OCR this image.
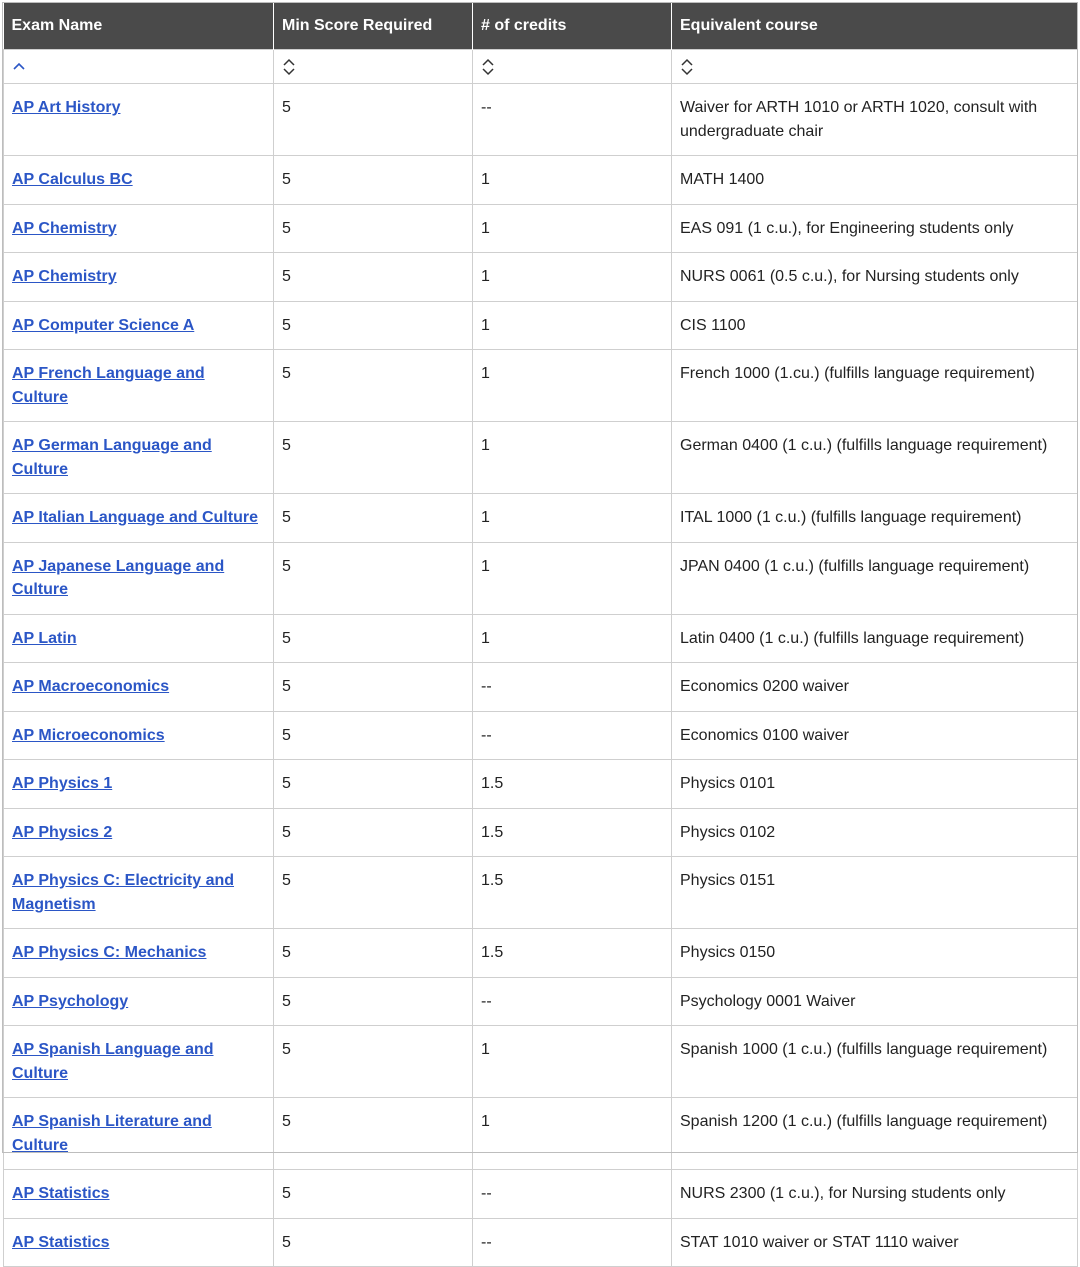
Exam Name	Min Score Required	# of credits	Equivalent course

AP Art History	5	--	Waiver for ARTH 1010 or ARTH 1020, consult with undergraduate chair
AP Calculus BC	5	1	MATH 1400
AP Chemistry	5	1	EAS 091 (1 c.u.), for Engineering students only
AP Chemistry	5	1	NURS 0061 (0.5 c.u.), for Nursing students only
AP Computer Science A	5	1	CIS 1100
AP French Language and Culture	5	1	French 1000 (1.cu.) (fulfills language requirement)
AP German Language and Culture	5	1	German 0400 (1 c.u.) (fulfills language requirement)
AP Italian Language and Culture	5	1	ITAL 1000 (1 c.u.) (fulfills language requirement)
AP Japanese Language and Culture	5	1	JPAN 0400 (1 c.u.) (fulfills language requirement)
AP Latin	5	1	Latin 0400 (1 c.u.) (fulfills language requirement)
AP Macroeconomics	5	--	Economics 0200 waiver
AP Microeconomics	5	--	Economics 0100 waiver
AP Physics 1	5	1.5	Physics 0101
AP Physics 2	5	1.5	Physics 0102
AP Physics C: Electricity and Magnetism	5	1.5	Physics 0151
AP Physics C: Mechanics	5	1.5	Physics 0150
AP Psychology	5	--	Psychology 0001 Waiver
AP Spanish Language and Culture	5	1	Spanish 1000 (1 c.u.) (fulfills language requirement)
AP Spanish Literature and Culture	5	1	Spanish 1200 (1 c.u.) (fulfills language requirement)
AP Statistics	5	--	NURS 2300 (1 c.u.), for Nursing students only
AP Statistics	5	--	STAT 1010 waiver or STAT 1110 waiver
